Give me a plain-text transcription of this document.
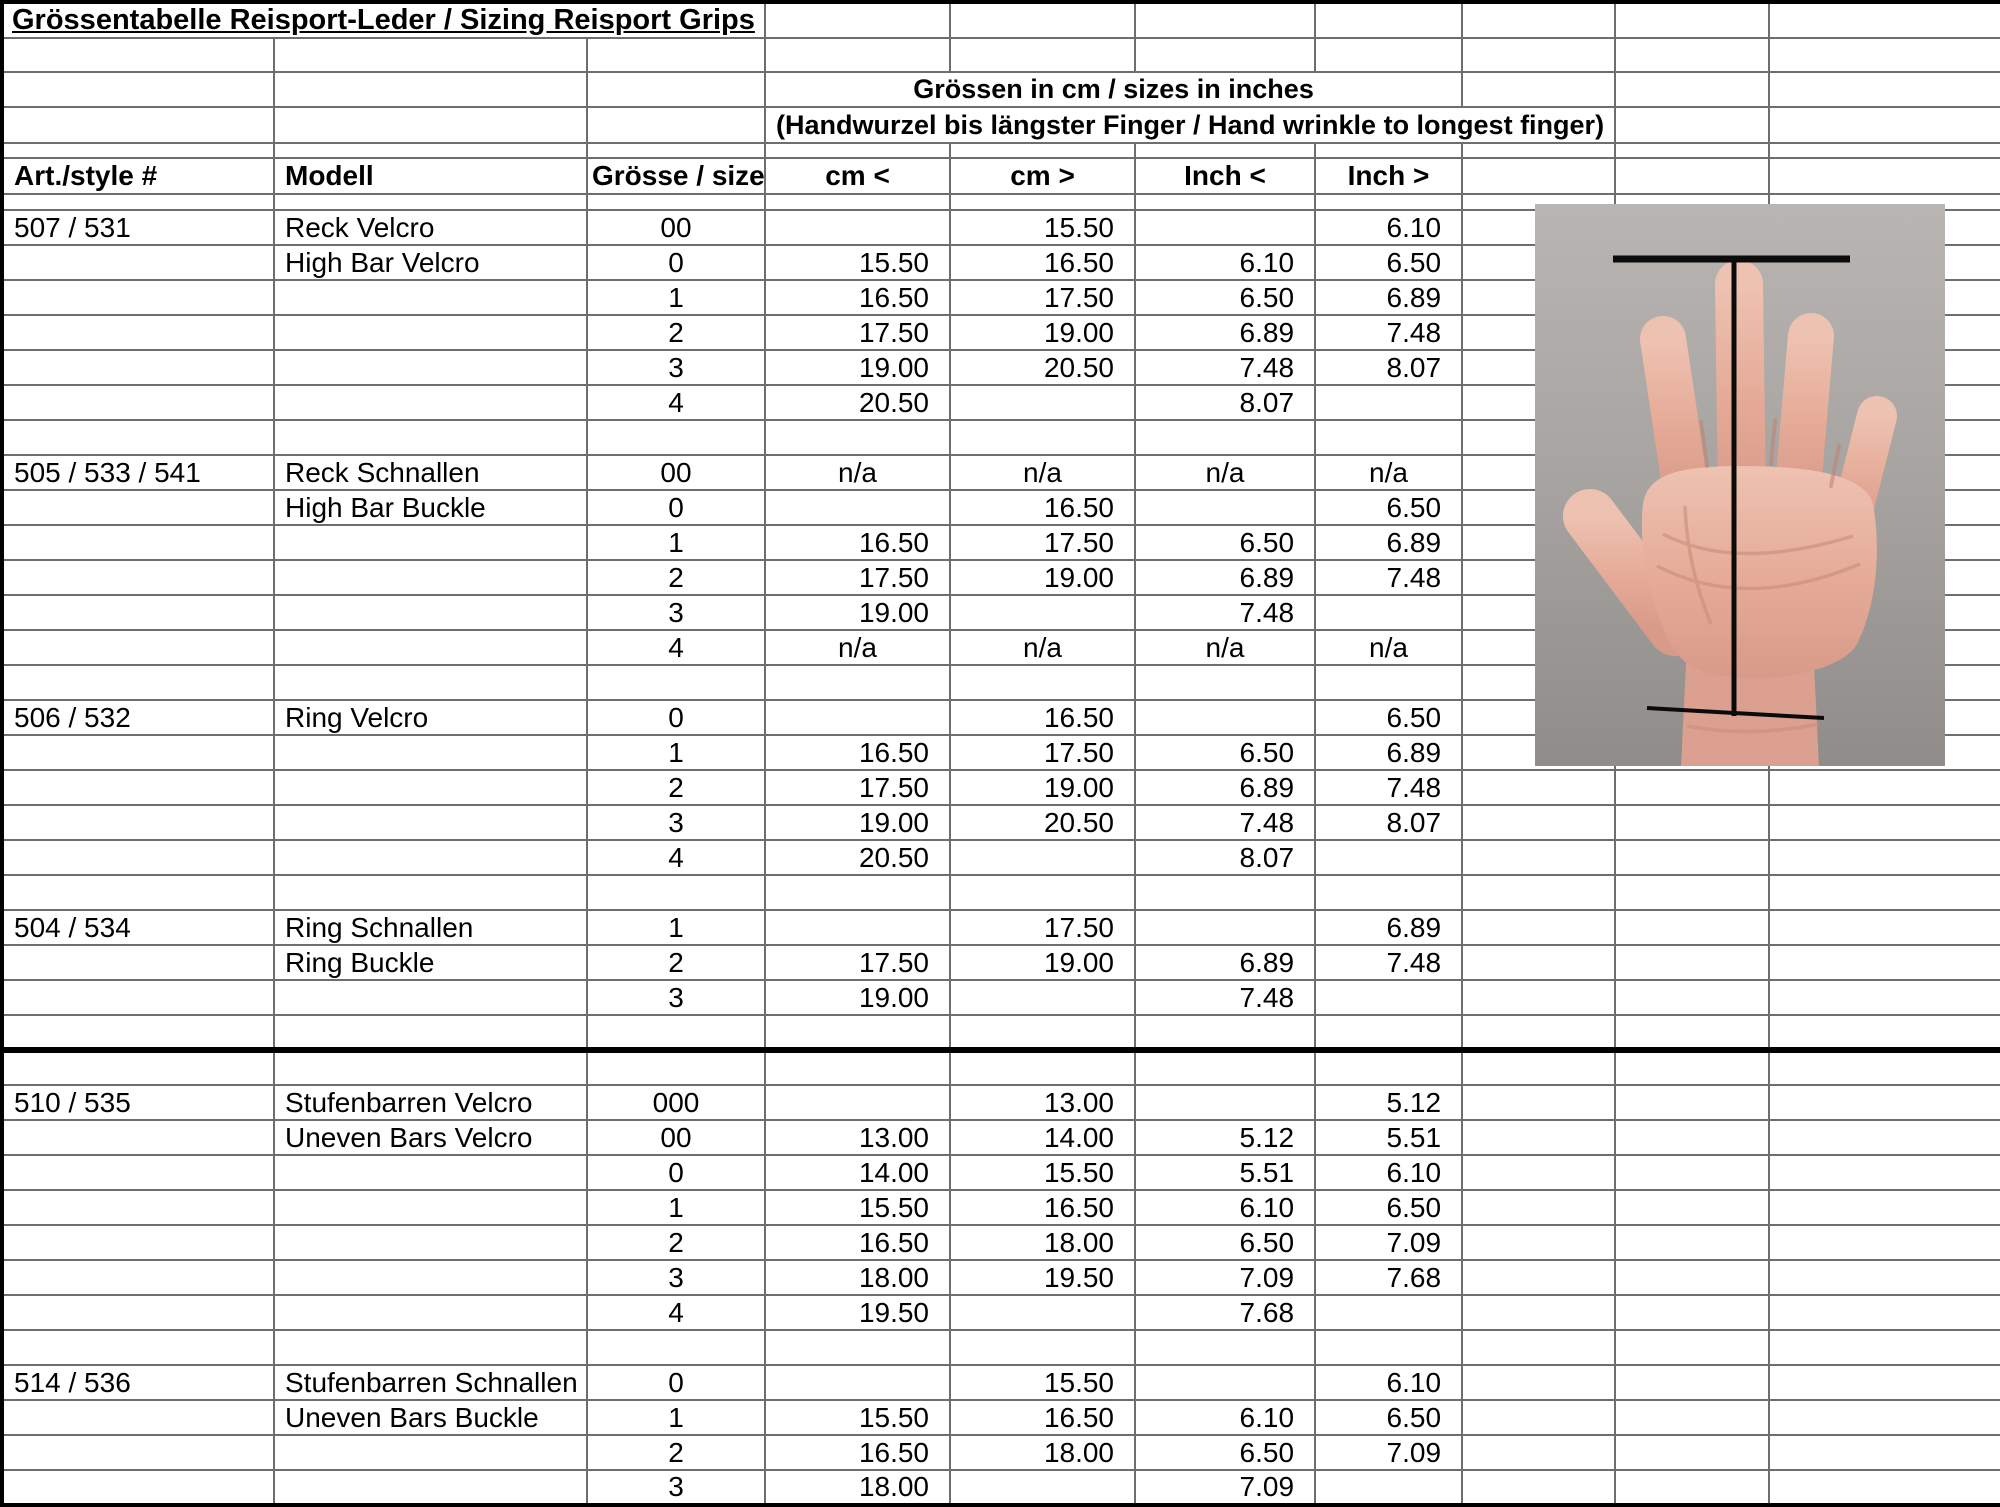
Grössentabelle Reisport-Leder / Sizing Reisport Grips									

			Grössen in cm / sizes in inches						
			(Handwurzel bis längster Finger / Hand wrinkle to longest finger)						

Art./style #	Modell	Grösse / size	cm <	cm >	Inch <	Inch >			

507 / 531	Reck Velcro	00		15.50		6.10			
	High Bar Velcro	0	15.50	16.50	6.10	6.50			
		1	16.50	17.50	6.50	6.89			
		2	17.50	19.00	6.89	7.48			
		3	19.00	20.50	7.48	8.07			
		4	20.50		8.07				

505 / 533 / 541	Reck Schnallen	00	n/a	n/a	n/a	n/a			
	High Bar Buckle	0		16.50		6.50			
		1	16.50	17.50	6.50	6.89			
		2	17.50	19.00	6.89	7.48			
		3	19.00		7.48				
		4	n/a	n/a	n/a	n/a			

506 / 532	Ring Velcro	0		16.50		6.50			
		1	16.50	17.50	6.50	6.89			
		2	17.50	19.00	6.89	7.48			
		3	19.00	20.50	7.48	8.07			
		4	20.50		8.07				

504 / 534	Ring Schnallen	1		17.50		6.89			
	Ring Buckle	2	17.50	19.00	6.89	7.48			
		3	19.00		7.48				

510 / 535	Stufenbarren Velcro	000		13.00		5.12			
	Uneven Bars Velcro	00	13.00	14.00	5.12	5.51			
		0	14.00	15.50	5.51	6.10			
		1	15.50	16.50	6.10	6.50			
		2	16.50	18.00	6.50	7.09			
		3	18.00	19.50	7.09	7.68			
		4	19.50		7.68				

514 / 536	Stufenbarren Schnallen	0		15.50		6.10			
	Uneven Bars Buckle	1	15.50	16.50	6.10	6.50			
		2	16.50	18.00	6.50	7.09			
		3	18.00		7.09				
